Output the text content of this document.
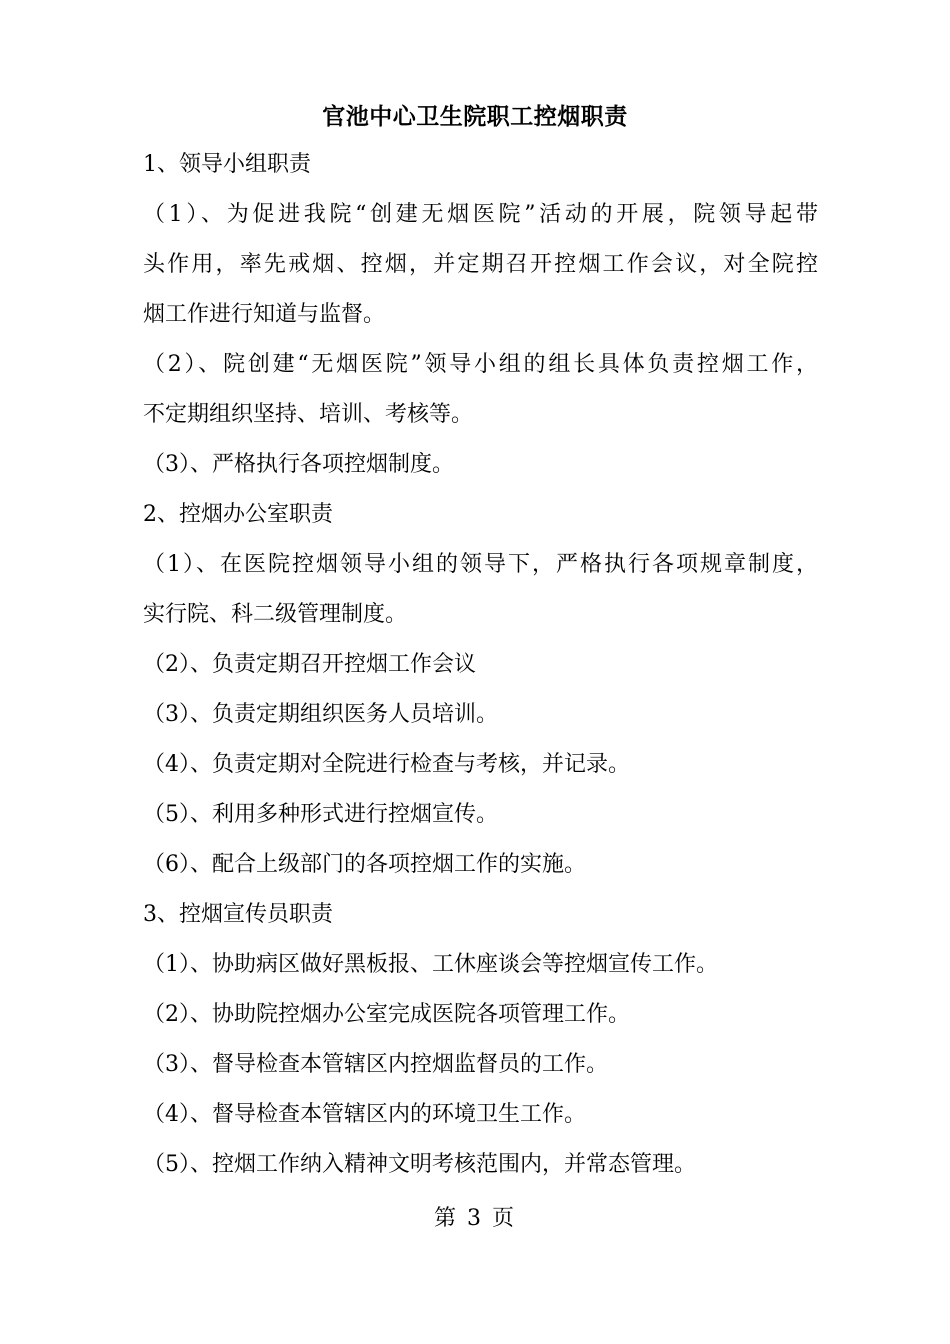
官池中心卫生院职工控烟职责
1、领导小组职责
（1）、为促进我院“创建无烟医院”活动的开展，院领导起带
头作用，率先戒烟、控烟，并定期召开控烟工作会议，对全院控
烟工作进行知道与监督。
（2）、院创建“无烟医院”领导小组的组长具体负责控烟工作，
不定期组织坚持、培训、考核等。
（3）、严格执行各项控烟制度。
2、控烟办公室职责
（1）、在医院控烟领导小组的领导下，严格执行各项规章制度，
实行院、科二级管理制度。
（2）、负责定期召开控烟工作会议
（3）、负责定期组织医务人员培训。
（4）、负责定期对全院进行检查与考核，并记录。
（5）、利用多种形式进行控烟宣传。
（6）、配合上级部门的各项控烟工作的实施。
3、控烟宣传员职责
（1）、协助病区做好黑板报、工休座谈会等控烟宣传工作。
（2）、协助院控烟办公室完成医院各项管理工作。
（3）、督导检查本管辖区内控烟监督员的工作。
（4）、督导检查本管辖区内的环境卫生工作。
（5）、控烟工作纳入精神文明考核范围内，并常态管理。
第 3 页
